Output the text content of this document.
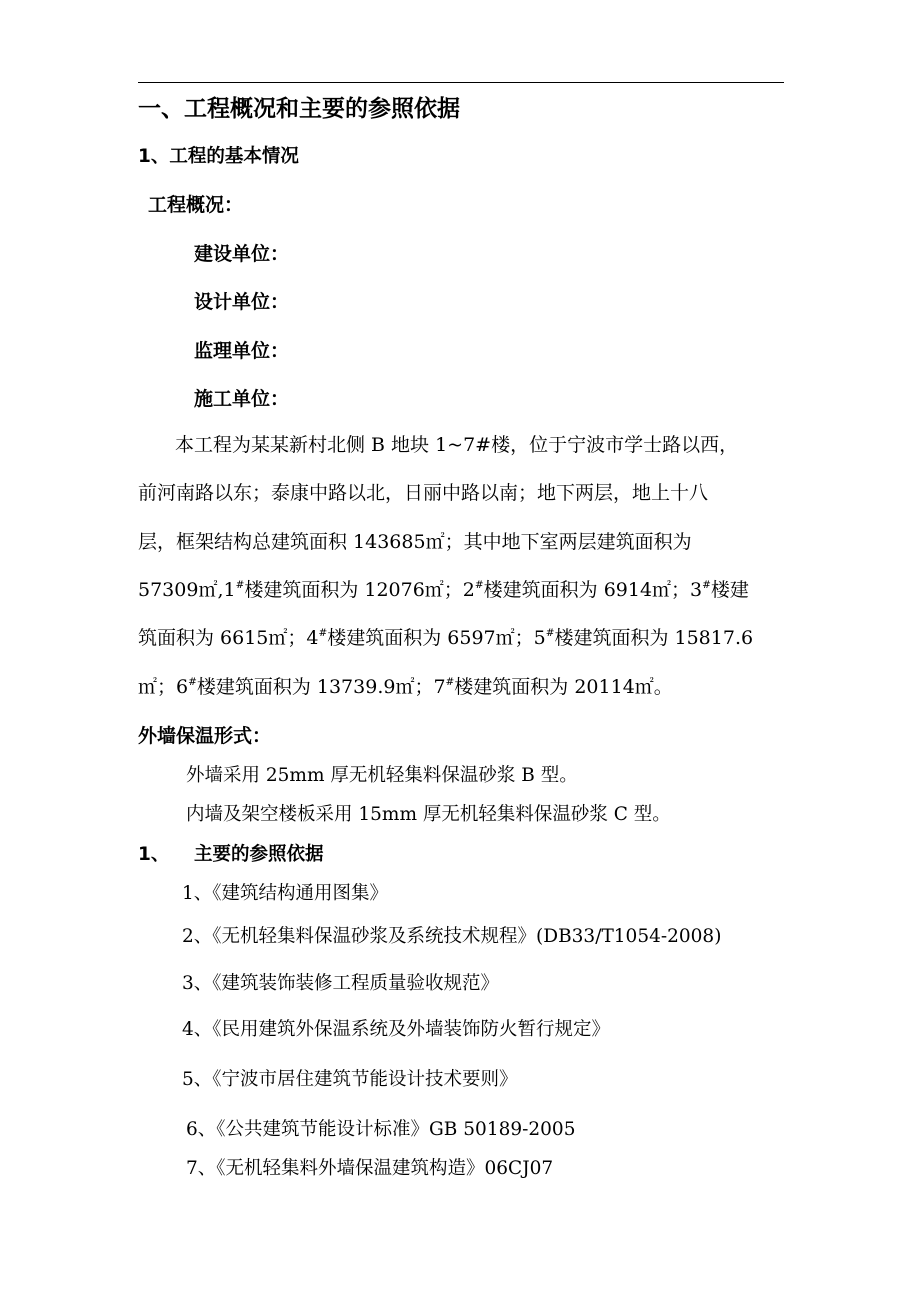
一、工程概况和主要的参照依据
1、工程的基本情况
工程概况：
建设单位：
设计单位：
监理单位：
施工单位：
本工程为某某新村北侧 B 地块 1~7#楼，位于宁波市学士路以西，
前河南路以东；泰康中路以北，日丽中路以南；地下两层，地上十八
层，框架结构总建筑面积 143685㎡；其中地下室两层建筑面积为
57309㎡,1#楼建筑面积为 12076㎡；2#楼建筑面积为 6914㎡；3#楼建
筑面积为 6615㎡；4#楼建筑面积为 6597㎡；5#楼建筑面积为 15817.6
㎡；6#楼建筑面积为 13739.9㎡；7#楼建筑面积为 20114㎡。
外墙保温形式：
外墙采用 25mm 厚无机轻集料保温砂浆 B 型。
内墙及架空楼板采用 15mm 厚无机轻集料保温砂浆 C 型。
1、 主要的参照依据
1、《建筑结构通用图集》
2、《无机轻集料保温砂浆及系统技术规程》(DB33/T1054-2008)
3、《建筑装饰装修工程质量验收规范》
4、《民用建筑外保温系统及外墙装饰防火暂行规定》
5、《宁波市居住建筑节能设计技术要则》
6、《公共建筑节能设计标准》GB 50189-2005
7、《无机轻集料外墙保温建筑构造》06CJ07
